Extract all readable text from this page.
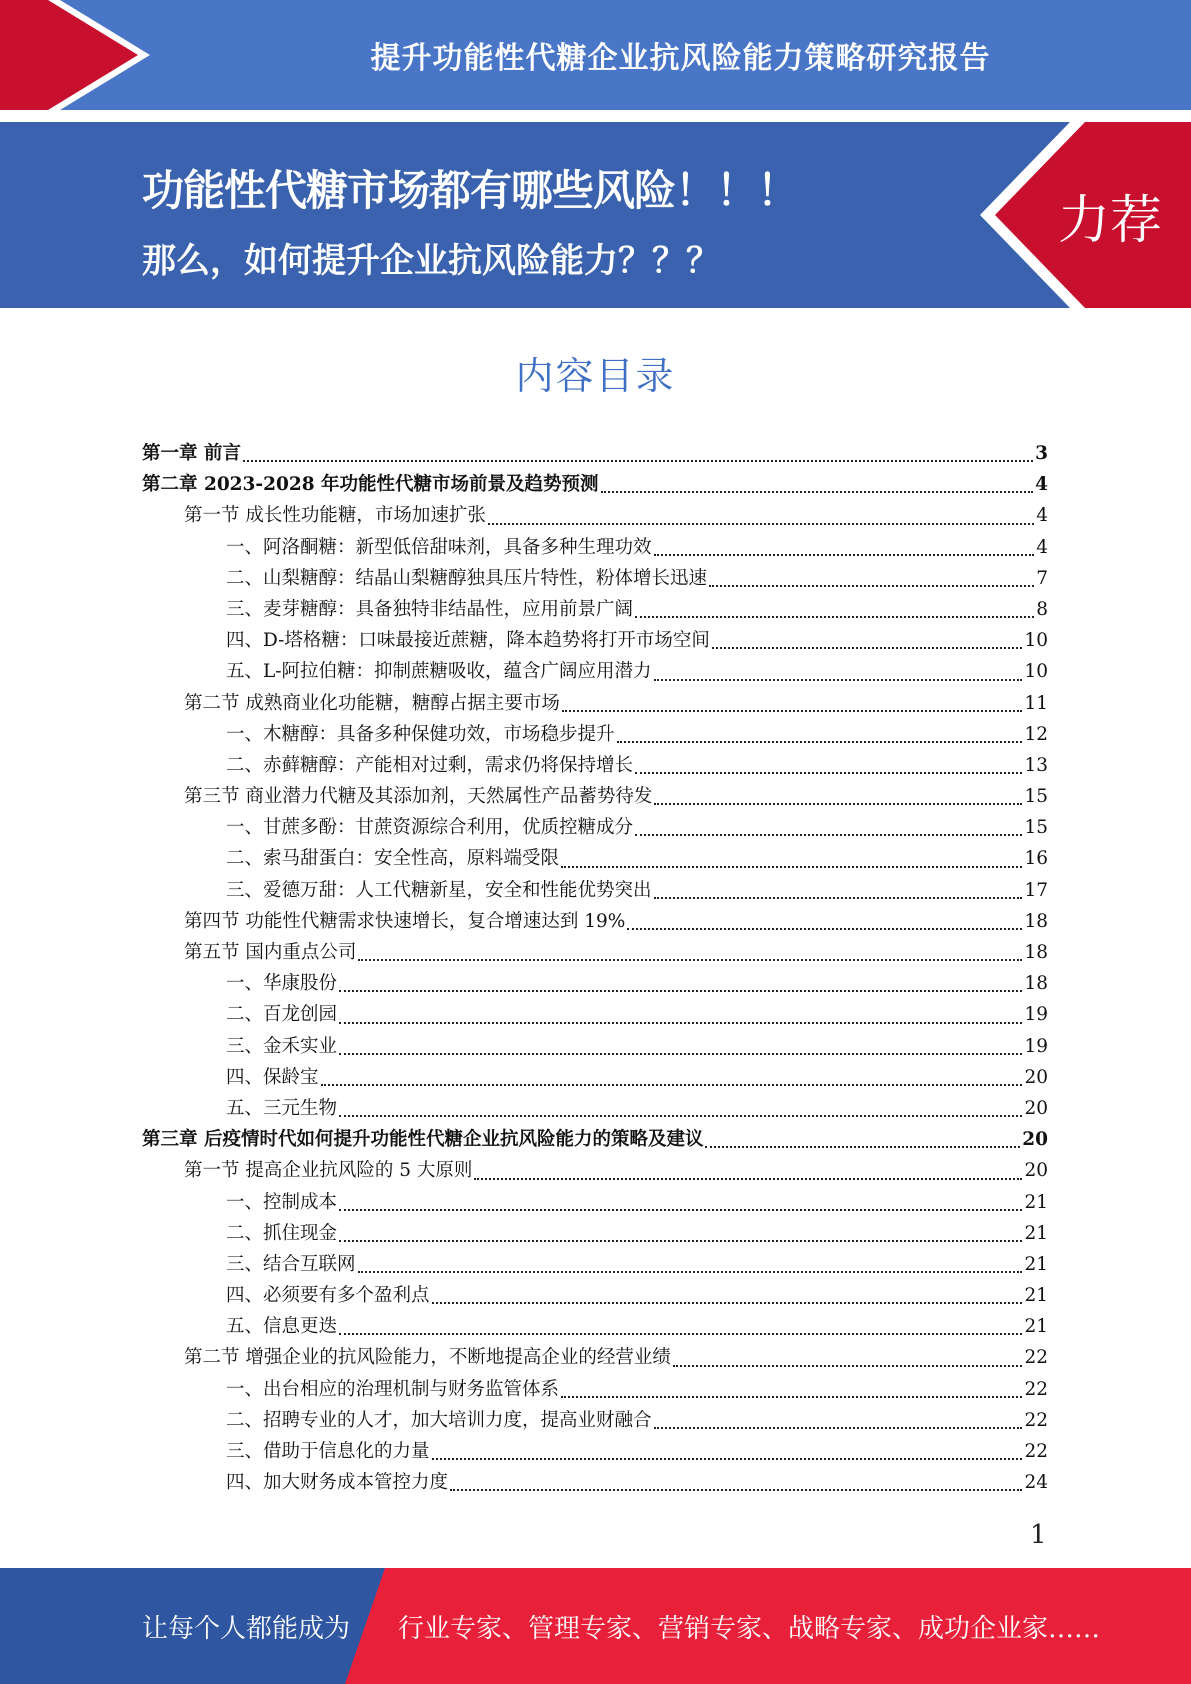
提升功能性代糖企业抗风险能力策略研究报告
功能性代糖市场都有哪些风险！！！
那么，如何提升企业抗风险能力？？？
力荐
内容目录
第一章 前言	3
第二章 2023-2028 年功能性代糖市场前景及趋势预测	4
第一节 成长性功能糖，市场加速扩张	4
一、阿洛酮糖：新型低倍甜味剂，具备多种生理功效	4
二、山梨糖醇：结晶山梨糖醇独具压片特性，粉体增长迅速	7
三、麦芽糖醇：具备独特非结晶性，应用前景广阔	8
四、D-塔格糖：口味最接近蔗糖，降本趋势将打开市场空间	10
五、L-阿拉伯糖：抑制蔗糖吸收，蕴含广阔应用潜力	10
第二节 成熟商业化功能糖，糖醇占据主要市场	11
一、木糖醇：具备多种保健功效，市场稳步提升	12
二、赤藓糖醇：产能相对过剩，需求仍将保持增长	13
第三节 商业潜力代糖及其添加剂，天然属性产品蓄势待发	15
一、甘蔗多酚：甘蔗资源综合利用，优质控糖成分	15
二、索马甜蛋白：安全性高，原料端受限	16
三、爱德万甜：人工代糖新星，安全和性能优势突出	17
第四节 功能性代糖需求快速增长，复合增速达到 19%	18
第五节 国内重点公司	18
一、华康股份	18
二、百龙创园	19
三、金禾实业	19
四、保龄宝	20
五、三元生物	20
第三章 后疫情时代如何提升功能性代糖企业抗风险能力的策略及建议	20
第一节 提高企业抗风险的 5 大原则	20
一、控制成本	21
二、抓住现金	21
三、结合互联网	21
四、必须要有多个盈利点	21
五、信息更迭	21
第二节 增强企业的抗风险能力，不断地提高企业的经营业绩	22
一、出台相应的治理机制与财务监管体系	22
二、招聘专业的人才，加大培训力度，提高业财融合	22
三、借助于信息化的力量	22
四、加大财务成本管控力度	24
1
让每个人都能成为 行业专家、管理专家、营销专家、战略专家、成功企业家……
